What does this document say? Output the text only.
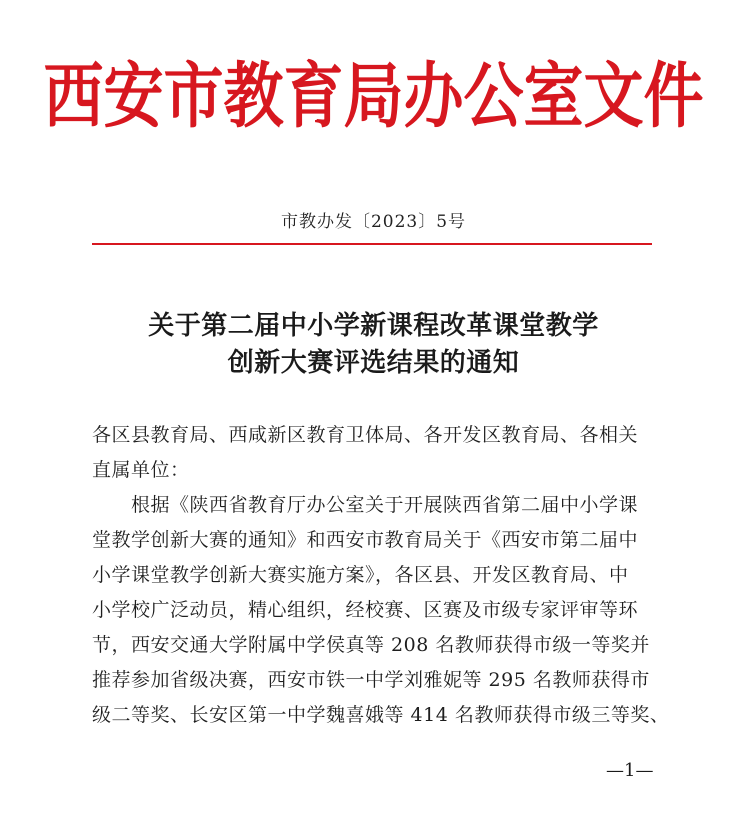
西安市教育局办公室文件
市教办发〔2023〕5号
关于第二届中小学新课程改革课堂教学
创新大赛评选结果的通知
各区县教育局、西咸新区教育卫体局、各开发区教育局、各相关
直属单位：
　　根据《陕西省教育厅办公室关于开展陕西省第二届中小学课
堂教学创新大赛的通知》和西安市教育局关于《西安市第二届中
小学课堂教学创新大赛实施方案》，各区县、开发区教育局、中
小学校广泛动员，精心组织，经校赛、区赛及市级专家评审等环
节，西安交通大学附属中学侯真等 208 名教师获得市级一等奖并
推荐参加省级决赛，西安市铁一中学刘雅妮等 295 名教师获得市
级二等奖、长安区第一中学魏喜娥等 414 名教师获得市级三等奖、
—1—
